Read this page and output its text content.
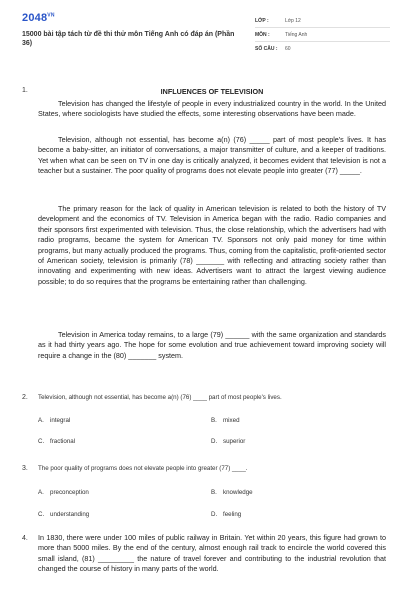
$2048^{VN}$
15000 bài tập tách từ đề thi thử môn Tiếng Anh có đáp án (Phần 36)
LỚP :	Lớp 12
MÔN :	Tiếng Anh
SỐ CÂU : 60
1.	INFLUENCES OF TELEVISION

Television has changed the lifestyle of people in every industrialized country in the world. In the United States, where sociologists have studied the effects, some interesting observations have been made.

Television, although not essential, has become a(n) (76) _____ part of most people's lives. It has become a baby-sitter, an initiator of conversations, a major transmitter of culture, and a keeper of traditions. Yet when what can be seen on TV in one day is critically analyzed, it becomes evident that television is not a teacher but a sustainer. The poor quality of programs does not elevate people into greater (77) _____.

The primary reason for the lack of quality in American television is related to both the history of TV development and the economics of TV. Television in America began with the radio. Radio companies and their sponsors first experimented with television. Thus, the close relationship, which the advertisers had with radio programs, became the system for American TV. Sponsors not only paid money for time within programs, but many actually produced the programs. Thus, coming from the capitalistic, profit-oriented sector of American society, television is primarily (78) _______ with reflecting and attracting society rather than innovating and experimenting with new ideas. Advertisers want to attract the largest viewing audience possible; to do so requires that the programs be entertaining rather than challenging.

Television in America today remains, to a large (79) ______ with the same organization and standards as it had thirty years ago. The hope for some evolution and true achievement toward improving society will require a change in the (80) _______ system.

2. Television, although not essential, has become a(n) (76) ____ part of most people's lives.
A. integral	B. mixed
C. fractional	D. superior
3. The poor quality of programs does not elevate people into greater (77) ____.
A. preconception	B. knowledge
C. understanding	D. feeling
4. In 1830, there were under 100 miles of public railway in Britain. Yet within 20 years, this figure had grown to more than 5000 miles. By the end of the century, almost enough rail track to encircle the world covered this small island, (81) _________ the nature of travel forever and contributing to the industrial revolution that changed the course of history in many parts of the world.
